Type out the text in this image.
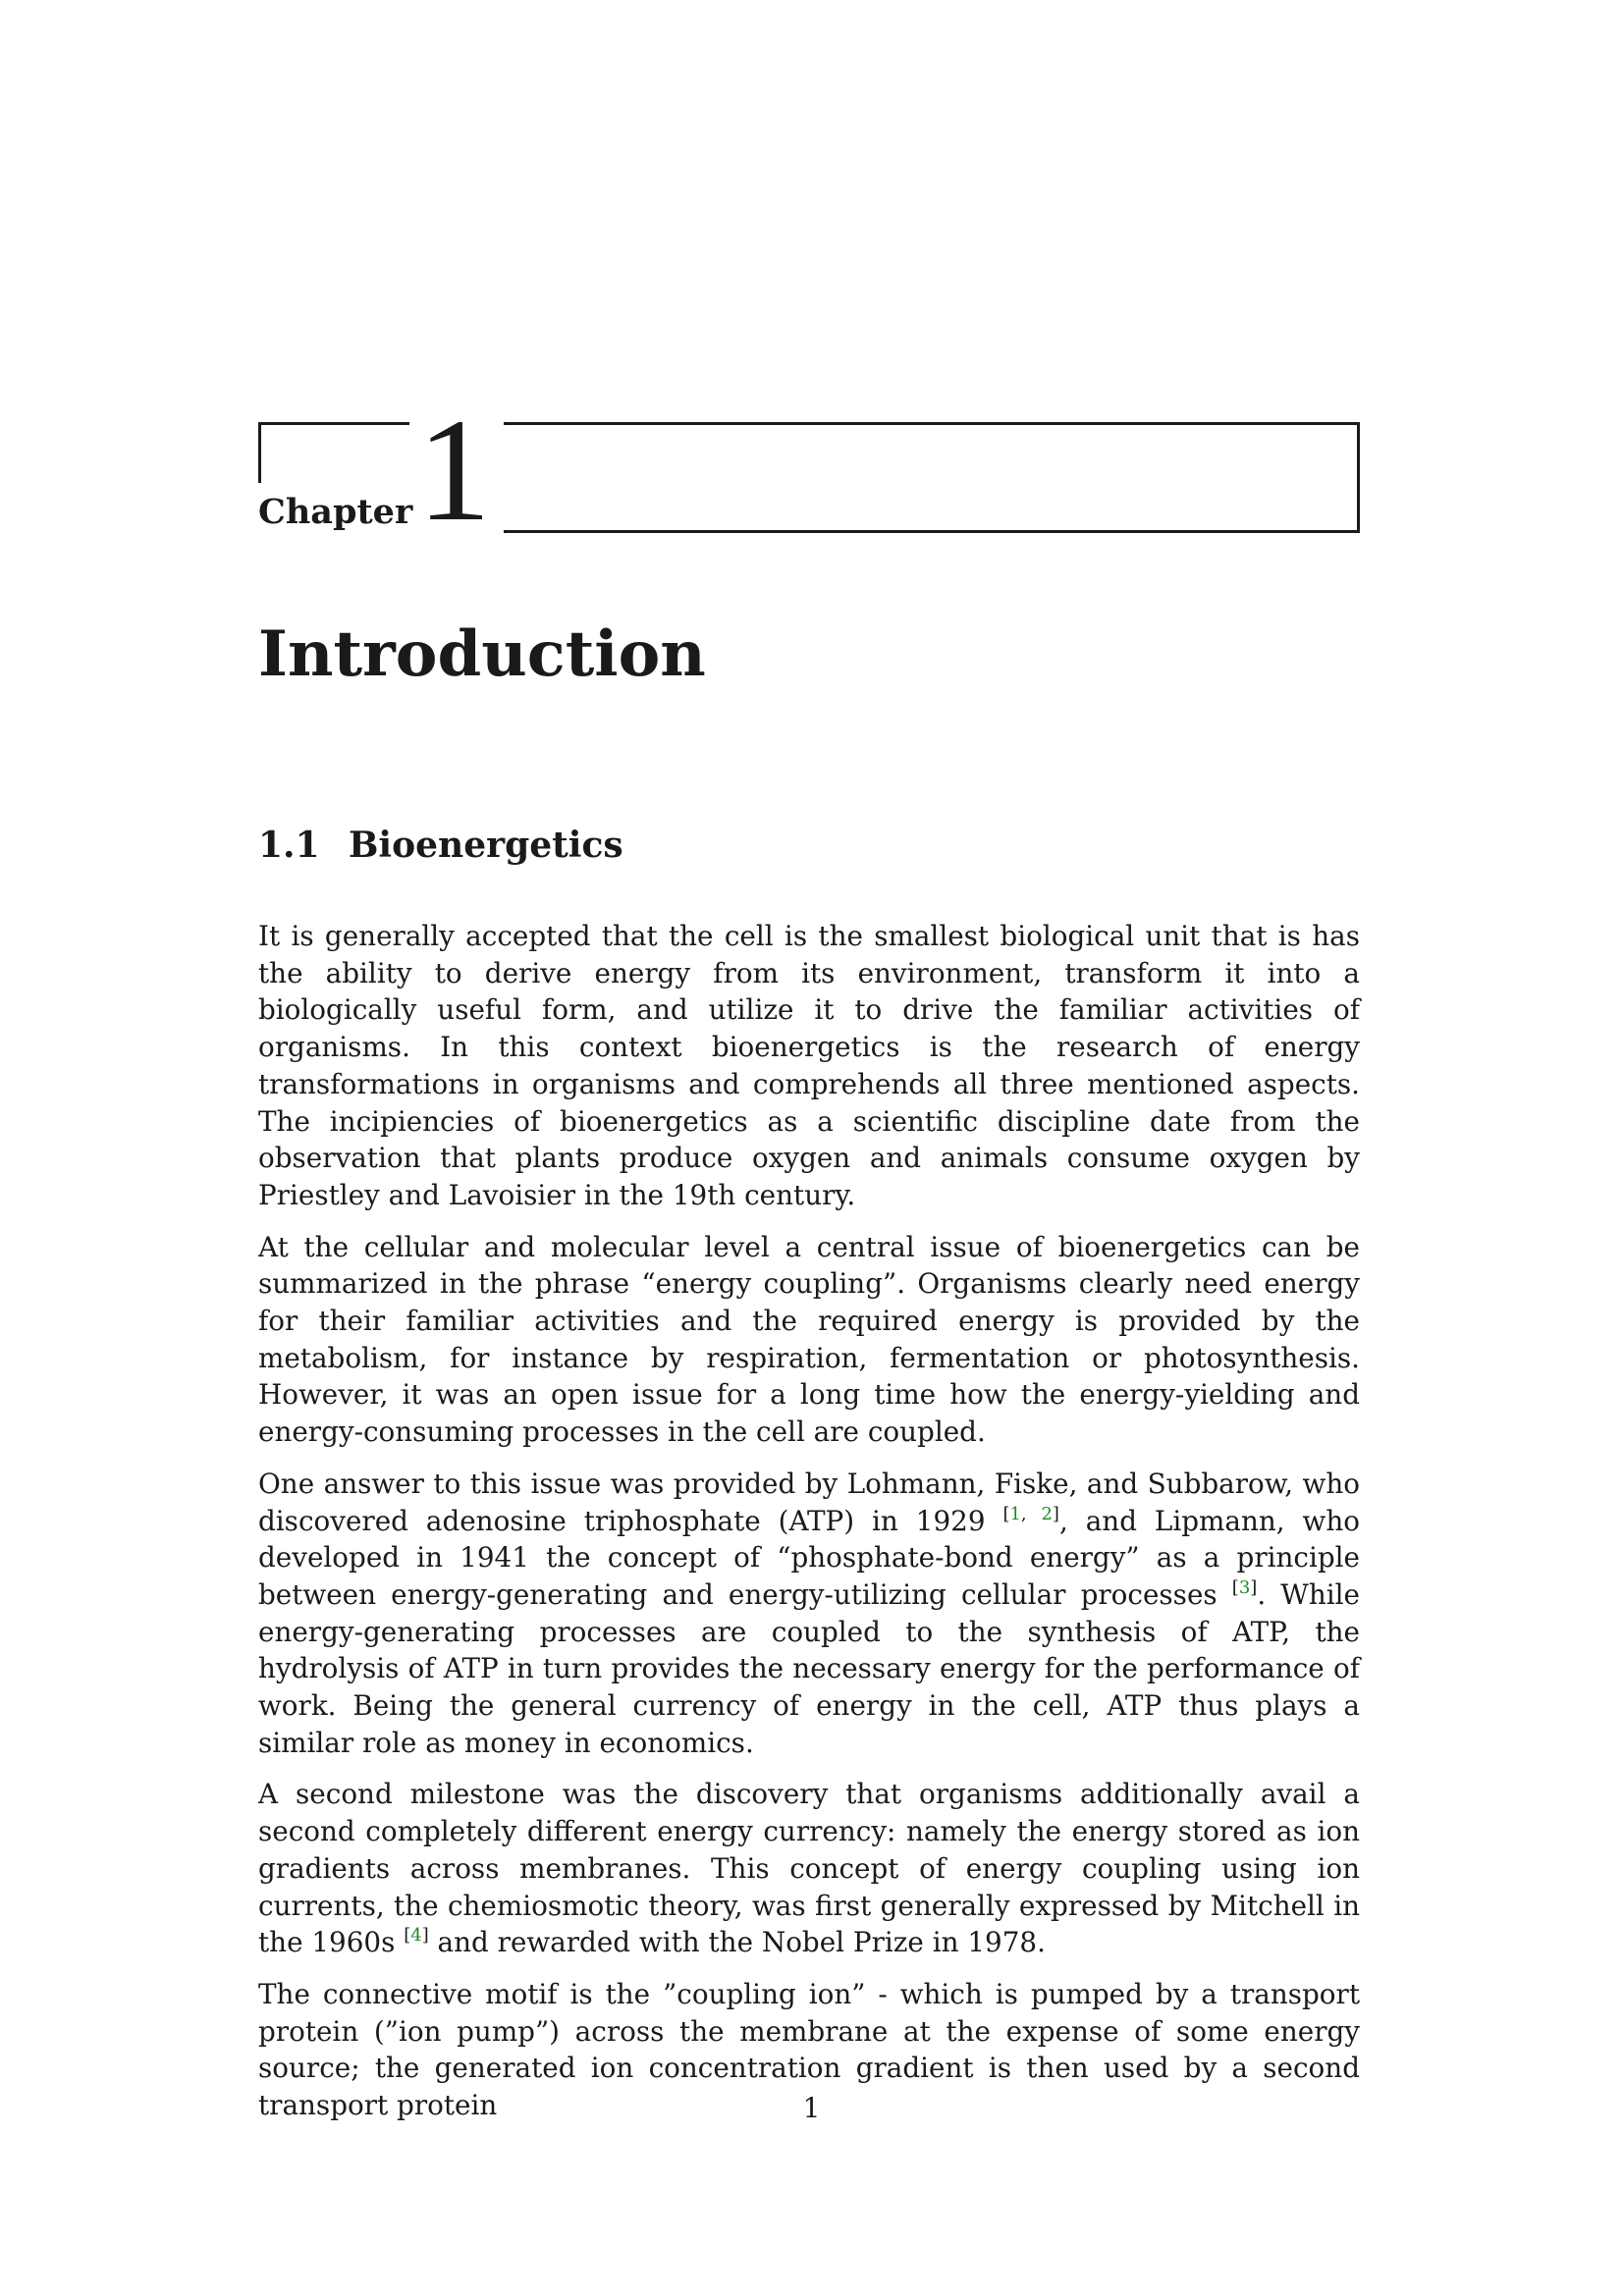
Chapter 1
Introduction
1.1 Bioenergetics

It is generally accepted that the cell is the smallest biological unit that is has the ability to derive energy from its environment, transform it into a biologically useful form, and utilize it to drive the familiar activities of organisms. In this context bioenergetics is the research of energy transformations in organisms and comprehends all three mentioned aspects. The incipiencies of bioenergetics as a scientific discipline date from the observation that plants produce oxygen and animals consume oxygen by Priestley and Lavoisier in the 19th century.

At the cellular and molecular level a central issue of bioenergetics can be summarized in the phrase “energy coupling”. Organisms clearly need energy for their familiar activities and the required energy is provided by the metabolism, for instance by respiration, fermentation or photosynthesis. However, it was an open issue for a long time how the energy-yielding and energy-consuming processes in the cell are coupled.

One answer to this issue was provided by Lohmann, Fiske, and Subbarow, who discovered adenosine triphosphate (ATP) in 1929 [1, 2], and Lipmann, who developed in 1941 the concept of “phosphate-bond energy” as a principle between energy-generating and energy-utilizing cellular processes [3]. While energy-generating processes are coupled to the synthesis of ATP, the hydrolysis of ATP in turn provides the necessary energy for the performance of work. Being the general currency of energy in the cell, ATP thus plays a similar role as money in economics.

A second milestone was the discovery that organisms additionally avail a second completely different energy currency: namely the energy stored as ion gradients across membranes. This concept of energy coupling using ion currents, the chemiosmotic theory, was first generally expressed by Mitchell in the 1960s [4] and rewarded with the Nobel Prize in 1978.

The connective motif is the ”coupling ion” - which is pumped by a transport protein (”ion pump”) across the membrane at the expense of some energy source; the generated ion concentration gradient is then used by a second transport protein	1
